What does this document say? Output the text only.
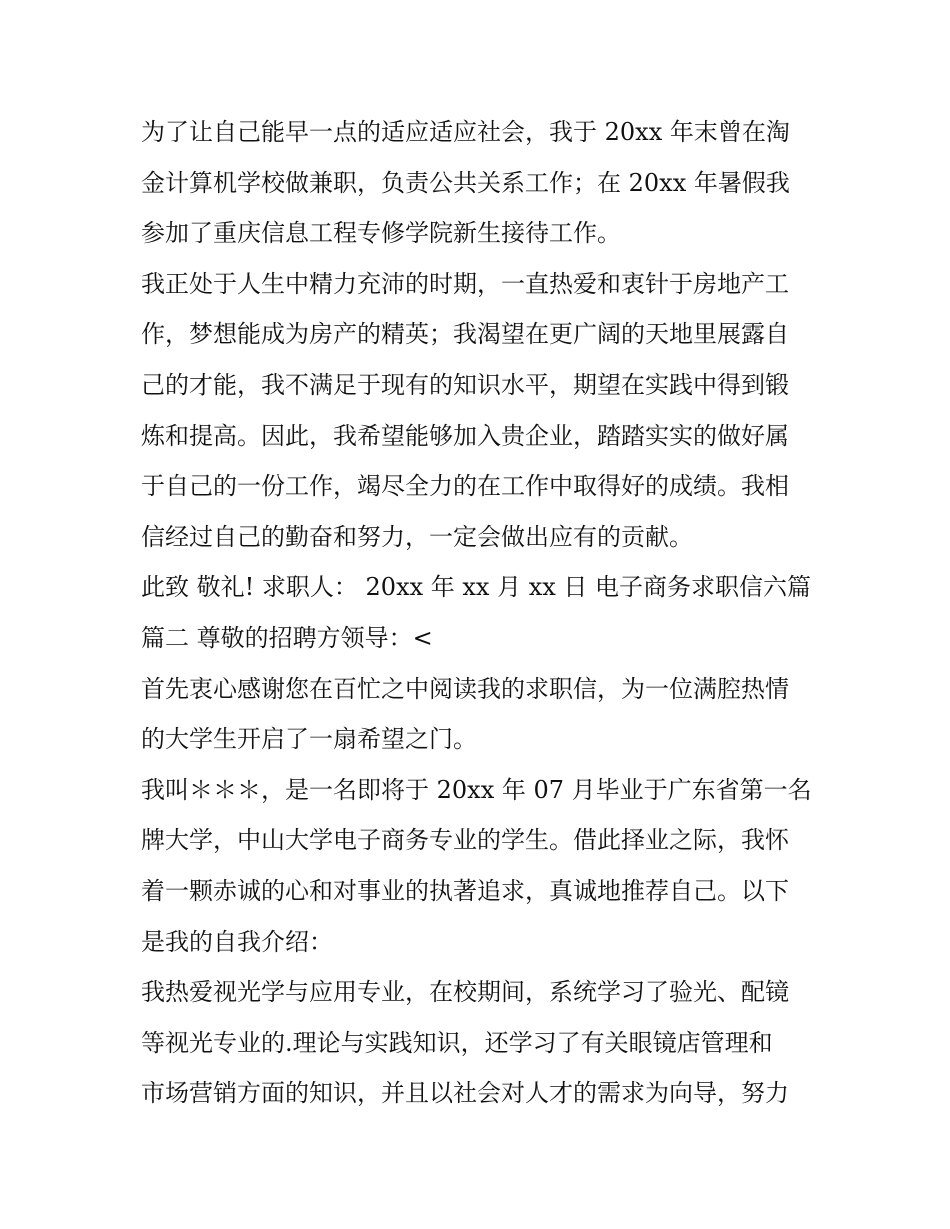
为了让自己能早一点的适应适应社会，我于 20xx 年末曾在淘
金计算机学校做兼职，负责公共关系工作；在 20xx 年暑假我
参加了重庆信息工程专修学院新生接待工作。
我正处于人生中精力充沛的时期，一直热爱和衷针于房地产工
作，梦想能成为房产的精英；我渴望在更广阔的天地里展露自
己的才能，我不满足于现有的知识水平，期望在实践中得到锻
炼和提高。因此，我希望能够加入贵企业，踏踏实实的做好属
于自己的一份工作，竭尽全力的在工作中取得好的成绩。我相
信经过自己的勤奋和努力，一定会做出应有的贡献。
此致 敬礼! 求职人： 20xx 年 xx 月 xx 日 电子商务求职信六篇
篇二 尊敬的招聘方领导：<
首先衷心感谢您在百忙之中阅读我的求职信，为一位满腔热情
的大学生开启了一扇希望之门。
我叫＊＊＊，是一名即将于 20xx 年 07 月毕业于广东省第一名
牌大学，中山大学电子商务专业的学生。借此择业之际，我怀
着一颗赤诚的心和对事业的执著追求，真诚地推荐自己。以下
是我的自我介绍：
我热爱视光学与应用专业，在校期间，系统学习了验光、配镜
等视光专业的.理论与实践知识，还学习了有关眼镜店管理和
市场营销方面的知识，并且以社会对人才的需求为向导，努力
